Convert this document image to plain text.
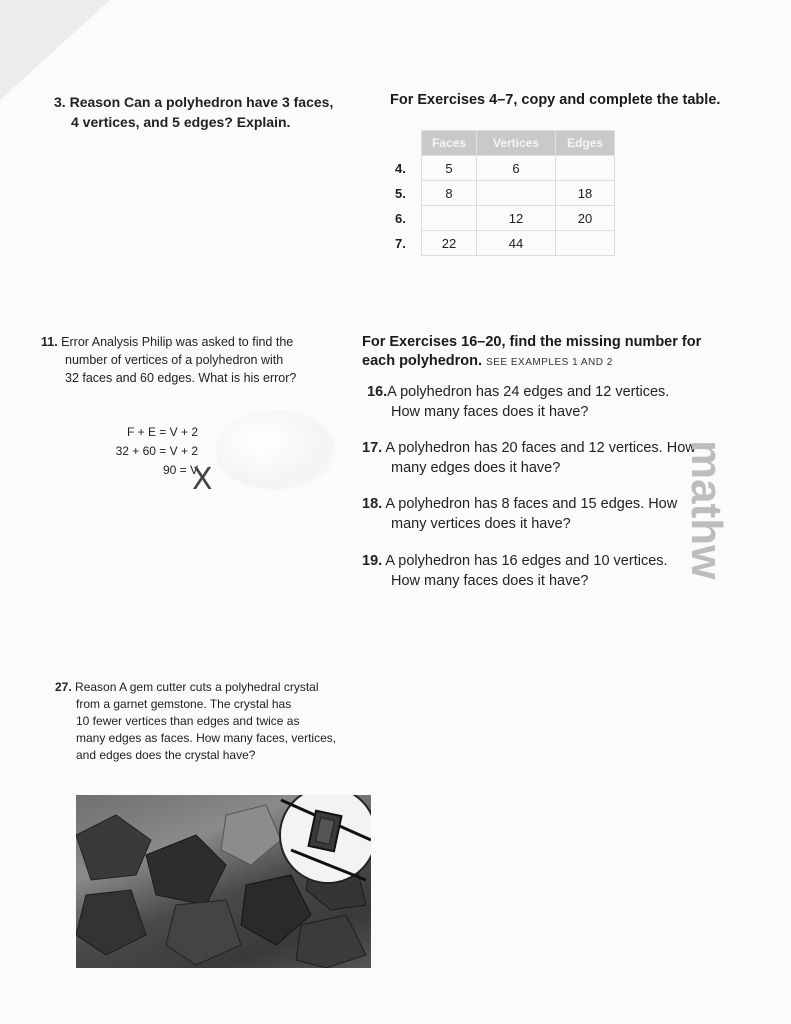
3. Reason Can a polyhedron have 3 faces,
4 vertices, and 5 edges? Explain.
For Exercises 4–7, copy and complete the table.
	Faces	Vertices	Edges
4.	5	6	
5.	8		18
6.		12	20
7.	22	44	
11. Error Analysis Philip was asked to find the
number of vertices of a polyhedron with
32 faces and 60 edges. What is his error?
F + E = V + 2
32 + 60 = V + 2
90 = V
X
For Exercises 16–20, find the missing number for
each polyhedron. SEE EXAMPLES 1 AND 2
16.A polyhedron has 24 edges and 12 vertices.
How many faces does it have?
17. A polyhedron has 20 faces and 12 vertices. How
many edges does it have?
18. A polyhedron has 8 faces and 15 edges. How
many vertices does it have?
19. A polyhedron has 16 edges and 10 vertices.
How many faces does it have?
mathw
27. Reason A gem cutter cuts a polyhedral crystal
from a garnet gemstone. The crystal has
10 fewer vertices than edges and twice as
many edges as faces. How many faces, vertices,
and edges does the crystal have?
